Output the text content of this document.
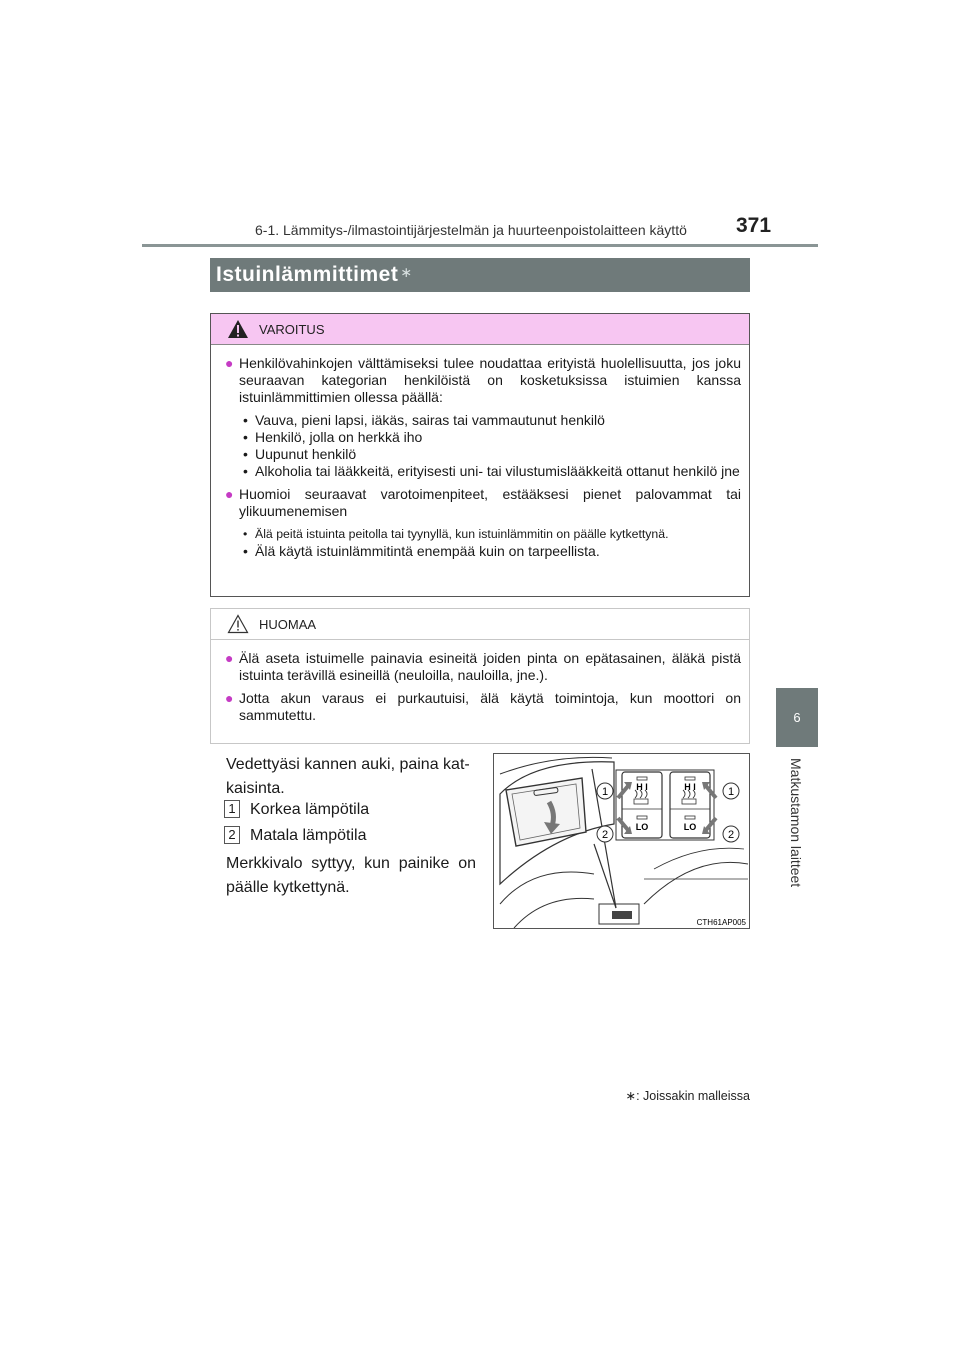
6-1. Lämmitys-/ilmastointijärjestelmän ja huurteenpoistolaitteen käyttö 371
6
Matkustamon laitteet
Istuinlämmittimet∗
VAROITUS
● Henkilövahinkojen välttämiseksi tulee noudattaa erityistä huolellisuutta, jos joku seuraavan kategorian henkilöistä on kosketuksissa istuimien kanssa istuinlämmittimien ollessa päällä:
• Vauva, pieni lapsi, iäkäs, sairas tai vammautunut henkilö
• Henkilö, jolla on herkkä iho
• Uupunut henkilö
• Alkoholia tai lääkkeitä, erityisesti uni- tai vilustumislääkkeitä ottanut henkilö jne
● Huomioi seuraavat varotoimenpiteet, estääksesi pienet palovammat tai ylikuumenemisen
• Älä peitä istuinta peitolla tai tyynyllä, kun istuinlämmitin on päälle kytkettynä.
• Älä käytä istuinlämmitintä enempää kuin on tarpeellista.
HUOMAA
● Älä aseta istuimelle painavia esineitä joiden pinta on epätasainen, äläkä pistä istuinta terävillä esineillä (neuloilla, nauloilla, jne.).
● Jotta akun varaus ei purkautuisi, älä käytä toimintoja, kun moottori on sammutettu.
Vedettyäsi kannen auki, paina kat-kaisinta.
1 Korkea lämpötila
2 Matala lämpötila
Merkkivalo syttyy, kun painike on päälle kytkettynä.
H I
LO
H I
LO
1
2
1
2
CTH61AP005
∗: Joissakin malleissa
